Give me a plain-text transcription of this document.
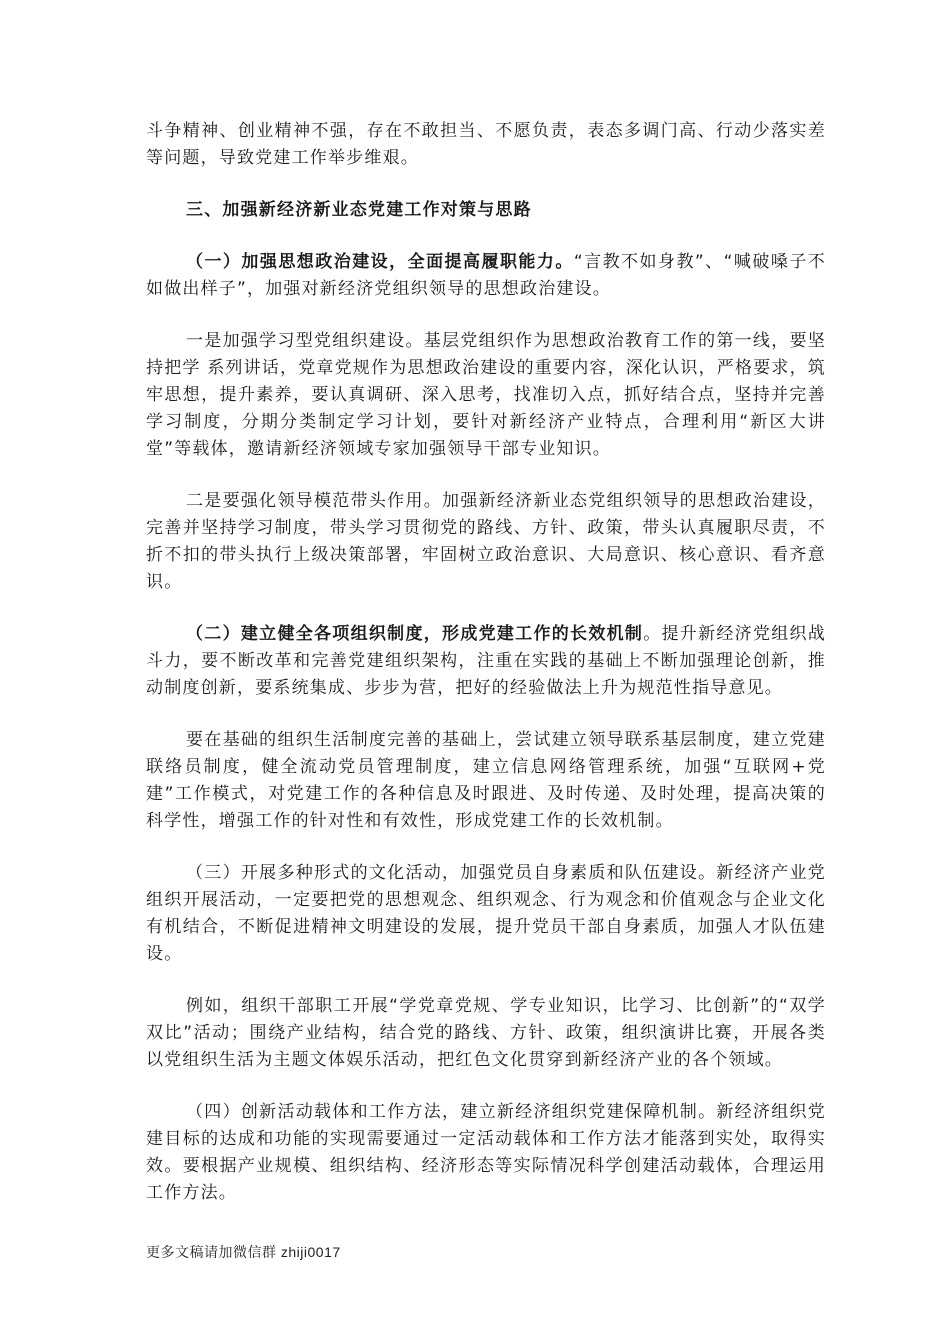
斗争精神、创业精神不强，存在不敢担当、不愿负责，表态多调门高、行动少落实差等问题，导致党建工作举步维艰。

三、加强新经济新业态党建工作对策与思路

（一）加强思想政治建设，全面提高履职能力。“言教不如身教”、“喊破嗓子不如做出样子”，加强对新经济党组织领导的思想政治建设。

一是加强学习型党组织建设。基层党组织作为思想政治教育工作的第一线，要坚持把学 系列讲话，党章党规作为思想政治建设的重要内容，深化认识，严格要求，筑牢思想，提升素养，要认真调研、深入思考，找准切入点，抓好结合点，坚持并完善学习制度，分期分类制定学习计划，要针对新经济产业特点，合理利用“新区大讲堂”等载体，邀请新经济领域专家加强领导干部专业知识。

二是要强化领导模范带头作用。加强新经济新业态党组织领导的思想政治建设，完善并坚持学习制度，带头学习贯彻党的路线、方针、政策，带头认真履职尽责，不折不扣的带头执行上级决策部署，牢固树立政治意识、大局意识、核心意识、看齐意识。

（二）建立健全各项组织制度，形成党建工作的长效机制。提升新经济党组织战斗力，要不断改革和完善党建组织架构，注重在实践的基础上不断加强理论创新，推动制度创新，要系统集成、步步为营，把好的经验做法上升为规范性指导意见。

要在基础的组织生活制度完善的基础上，尝试建立领导联系基层制度，建立党建联络员制度，健全流动党员管理制度，建立信息网络管理系统，加强“互联网+党建”工作模式，对党建工作的各种信息及时跟进、及时传递、及时处理，提高决策的科学性，增强工作的针对性和有效性，形成党建工作的长效机制。

（三）开展多种形式的文化活动，加强党员自身素质和队伍建设。新经济产业党组织开展活动，一定要把党的思想观念、组织观念、行为观念和价值观念与企业文化有机结合，不断促进精神文明建设的发展，提升党员干部自身素质，加强人才队伍建设。

例如，组织干部职工开展“学党章党规、学专业知识，比学习、比创新”的“双学双比”活动；围绕产业结构，结合党的路线、方针、政策，组织演讲比赛，开展各类以党组织生活为主题文体娱乐活动，把红色文化贯穿到新经济产业的各个领域。

（四）创新活动载体和工作方法，建立新经济组织党建保障机制。新经济组织党建目标的达成和功能的实现需要通过一定活动载体和工作方法才能落到实处，取得实效。要根据产业规模、组织结构、经济形态等实际情况科学创建活动载体，合理运用工作方法。

更多文稿请加微信群 zhiji0017
